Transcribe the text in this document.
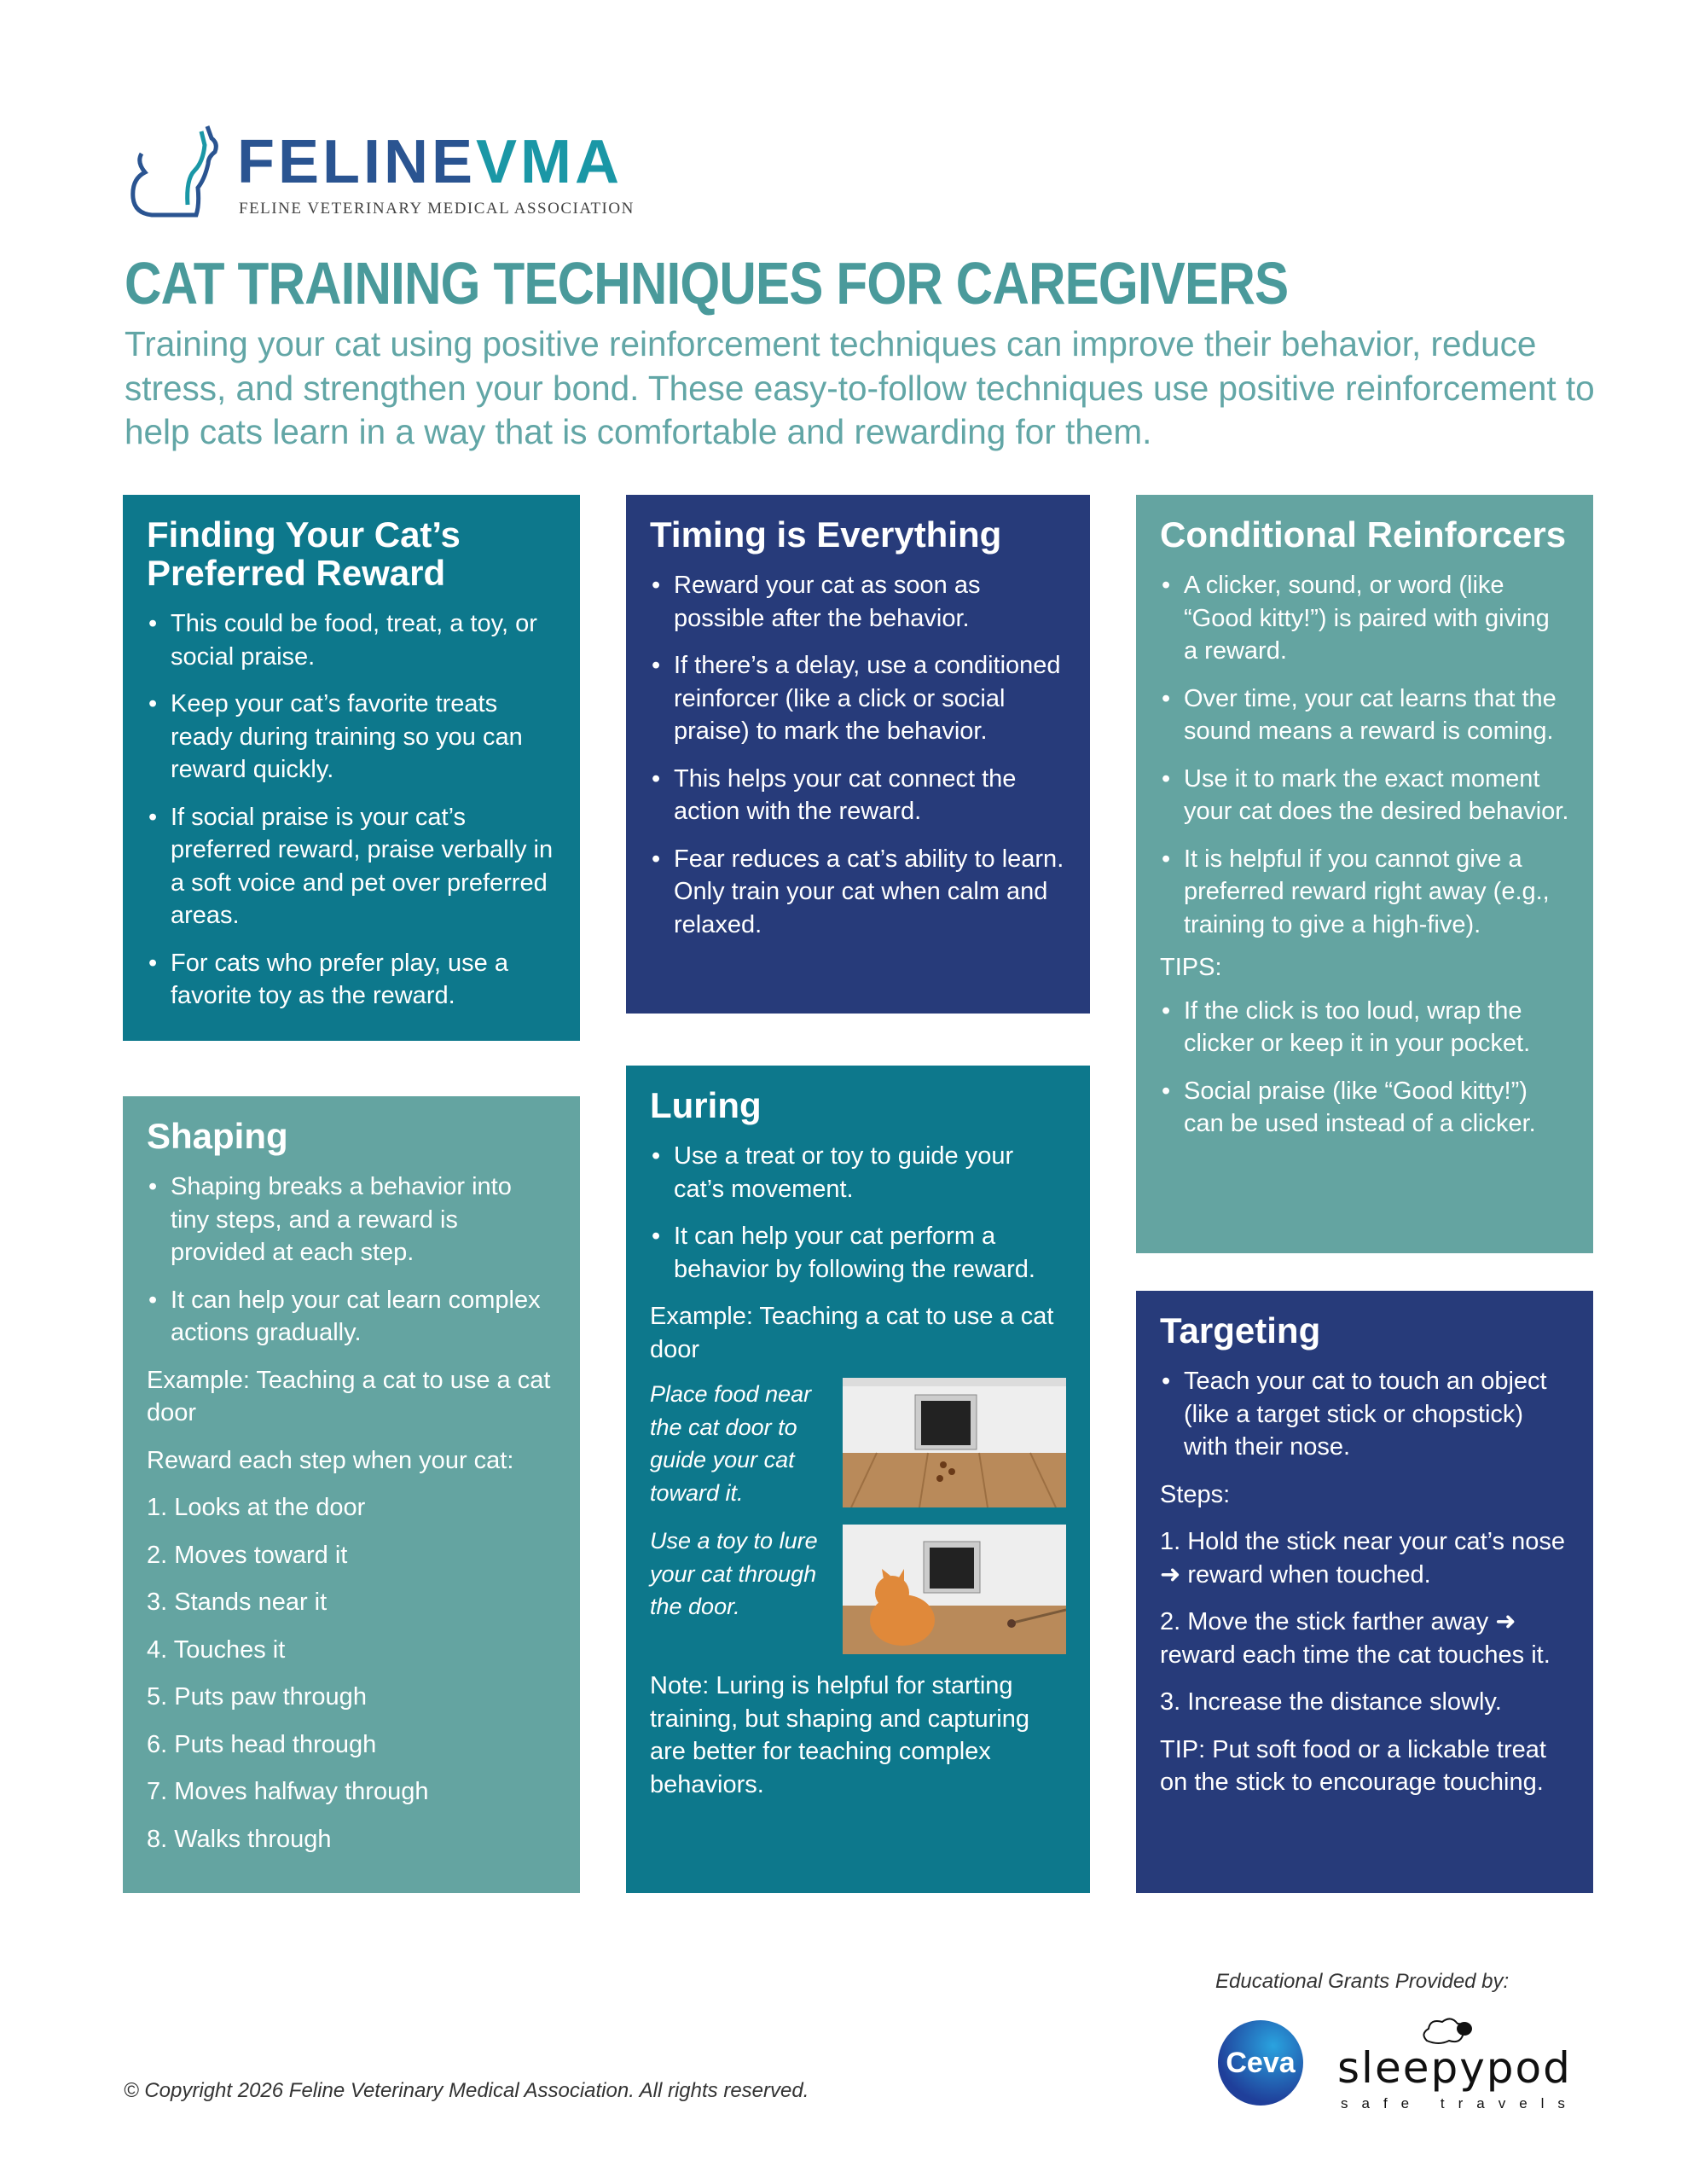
FELINEVMA
FELINE VETERINARY MEDICAL ASSOCIATION
CAT TRAINING TECHNIQUES FOR CAREGIVERS
Training your cat using positive reinforcement techniques can improve their behavior, reduce stress, and strengthen your bond. These easy-to-follow techniques use positive reinforcement to help cats learn in a way that is comfortable and rewarding for them.
Finding Your Cat’s Preferred Reward
• This could be food, treat, a toy, or social praise.
• Keep your cat’s favorite treats ready during training so you can reward quickly.
• If social praise is your cat’s preferred reward, praise verbally in a soft voice and pet over preferred areas.
• For cats who prefer play, use a favorite toy as the reward.
Timing is Everything
• Reward your cat as soon as possible after the behavior.
• If there’s a delay, use a conditioned reinforcer (like a click or social praise) to mark the behavior.
• This helps your cat connect the action with the reward.
• Fear reduces a cat’s ability to learn. Only train your cat when calm and relaxed.
Conditional Reinforcers
• A clicker, sound, or word (like “Good kitty!”) is paired with giving a reward.
• Over time, your cat learns that the sound means a reward is coming.
• Use it to mark the exact moment your cat does the desired behavior.
• It is helpful if you cannot give a preferred reward right away (e.g., training to give a high-five).

TIPS:

• If the click is too loud, wrap the clicker or keep it in your pocket.
• Social praise (like “Good kitty!”) can be used instead of a clicker.
Shaping
• Shaping breaks a behavior into tiny steps, and a reward is provided at each step.
• It can help your cat learn complex actions gradually.

Example: Teaching a cat to use a cat door

Reward each step when your cat:

1. Looks at the door

2. Moves toward it

3. Stands near it

4. Touches it

5. Puts paw through

6. Puts head through

7. Moves halfway through

8. Walks through

Luring
• Use a treat or toy to guide your cat’s movement.
• It can help your cat perform a behavior by following the reward.

Example: Teaching a cat to use a cat door

Place food near the cat door to guide your cat toward it.
Use a toy to lure your cat through the door.

Note: Luring is helpful for starting training, but shaping and capturing are better for teaching complex behaviors.

Targeting
• Teach your cat to touch an object (like a target stick or chopstick) with their nose.

Steps:

1. Hold the stick near your cat’s nose ➜ reward when touched.

2. Move the stick farther away ➜ reward each time the cat touches it.

3. Increase the distance slowly.

TIP: Put soft food or a lickable treat on the stick to encourage touching.

Educational Grants Provided by:
Ceva sleepypod
safe travels
© Copyright 2026 Feline Veterinary Medical Association. All rights reserved.
